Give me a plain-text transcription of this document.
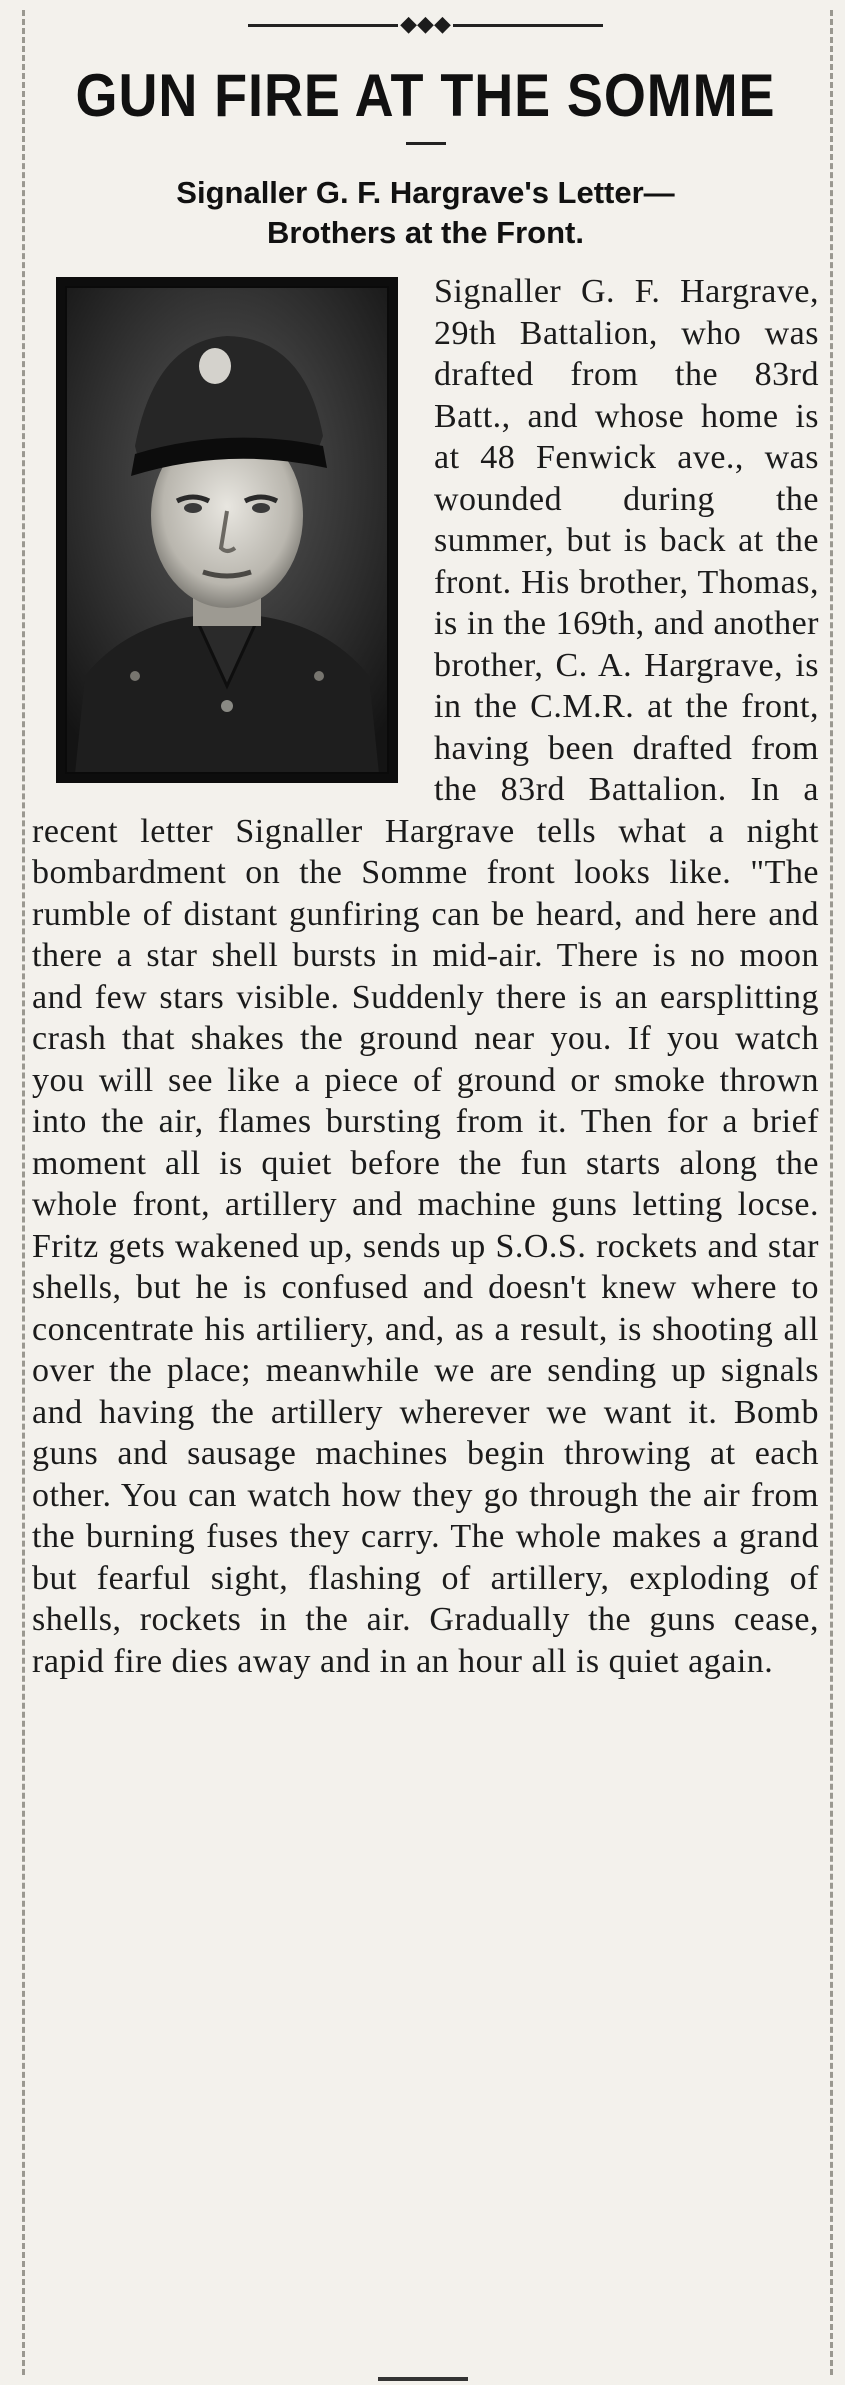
◆◆◆
GUN FIRE AT THE SOMME
Signaller G. F. Hargrave's Letter—
Brothers at the Front.
Signaller G. F. Hargrave, 29th Battalion, who was drafted from the 83rd Batt., and whose home is at 48 Fenwick ave., was wounded during the summer, but is back at the front. His brother, Thomas, is in the 169th, and another brother, C. A. Hargrave, is in the C.M.R. at the front, having been drafted from the 83rd Battalion. In a recent letter Signaller Hargrave tells what a night bombardment on the Somme front looks like. "The rumble of distant gunfiring can be heard, and here and there a star shell bursts in mid-air. There is no moon and few stars visible. Suddenly there is an earsplitting crash that shakes the ground near you. If you watch you will see like a piece of ground or smoke thrown into the air, flames bursting from it. Then for a brief moment all is quiet before the fun starts along the whole front, artillery and machine guns letting locse. Fritz gets wakened up, sends up S.O.S. rockets and star shells, but he is confused and doesn't knew where to concentrate his artiliery, and, as a result, is shooting all over the place; meanwhile we are sending up signals and having the artillery wherever we want it. Bomb guns and sausage machines begin throwing at each other. You can watch how they go through the air from the burning fuses they carry. The whole makes a grand but fearful sight, flashing of artillery, exploding of shells, rockets in the air. Gradually the guns cease, rapid fire dies away and in an hour all is quiet again.
